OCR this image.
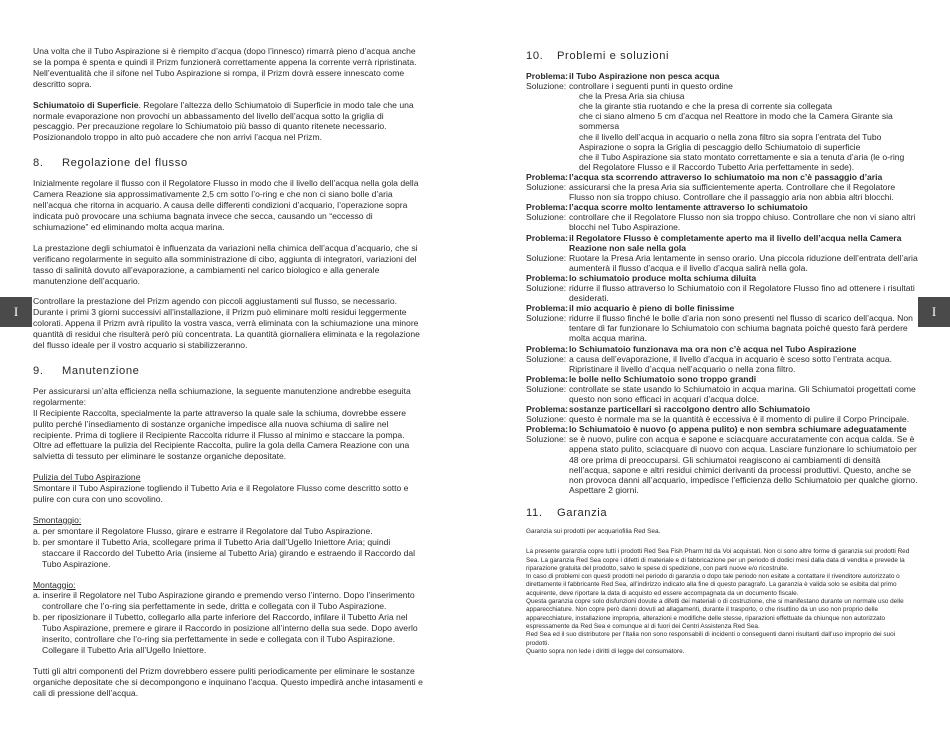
I	I

Una volta che il Tubo Aspirazione si è riempito d’acqua (dopo l’innesco) rimarrà pieno d’acqua anche se la pompa è spenta e quindi il Prizm funzionerà correttamente appena la corrente verrà ripristinata. Nell’eventualità che il sifone nel Tubo Aspirazione si rompa, il Prizm dovrà essere innescato come descritto sopra.

Schiumatoio di Superficie. Regolare l’altezza dello Schiumatoio di Superficie in modo tale che una normale evaporazione non provochi un abbassamento del livello dell’acqua sotto la griglia di pescaggio. Per precauzione regolare lo Schiumatoio più basso di quanto ritenete necessario. Posizionandolo troppo in alto può accadere che non arrivi l’acqua nel Prizm.

8. Regolazione del flusso

Inizialmente regolare il flusso con il Regolatore Flusso in modo che il livello dell’acqua nella gola della Camera Reazione sia approssimativamente 2,5 cm sotto l’o-ring e che non ci siano bolle d’aria nell’acqua che ritorna in acquario. A causa delle differenti condizioni d’acquario, l’operazione sopra indicata può provocare una schiuma bagnata invece che secca, causando un “eccesso di schiumazione” ed eliminando molta acqua marina.

La prestazione degli schiumatoi è influenzata da variazioni nella chimica dell’acqua d’acquario, che si verificano regolarmente in seguito alla somministrazione di cibo, aggiunta di integratori, variazioni del tasso di salinità dovuto all’evaporazione, a cambiamenti nel carico biologico e alla generale manutenzione dell’acquario.

Controllare la prestazione del Prizm agendo con piccoli aggiustamenti sul flusso, se necessario. Durante i primi 3 giorni successivi all’installazione, il Prizm può eliminare molti residui leggermente colorati. Appena il Prizm avrà ripulito la vostra vasca, verrà eliminata con la schiumazione una minore quantità di residui che risulterà però più concentrata. La quantità giornaliera eliminata e la regolazione del flusso ideale per il vostro acquario si stabilizzeranno.

9. Manutenzione

Per assicurarsi un’alta efficienza nella schiumazione, la seguente manutenzione andrebbe eseguita regolarmente:

Il Recipiente Raccolta, specialmente la parte attraverso la quale sale la schiuma, dovrebbe essere pulito perché l’insediamento di sostanze organiche impedisce alla nuova schiuma di salire nel recipiente. Prima di togliere il Recipiente Raccolta ridurre il Flusso al minimo e staccare la pompa. Oltre ad effettuare la pulizia del Recipiente Raccolta, pulire la gola della Camera Reazione con una salvietta di tessuto per eliminare le sostanze organiche depositate.

Pulizia del Tubo Aspirazione

Smontare il Tubo Aspirazione togliendo il Tubetto Aria e il Regolatore Flusso come descritto sotto e pulire con cura con uno scovolino.

Smontaggio:
a. per smontare il Regolatore Flusso, girare e estrarre il Regolatore dal Tubo Aspirazione.
b. per smontare il Tubetto Aria, scollegare prima il Tubetto Aria dall’Ugello Iniettore Aria; quindi staccare il Raccordo del Tubetto Aria (insieme al Tubetto Aria) girando e estraendo il Raccordo dal Tubo Aspirazione.
Montaggio:
a. inserire il Regolatore nel Tubo Aspirazione girando e premendo verso l’interno. Dopo l’inserimento controllare che l’o-ring sia perfettamente in sede, dritta e collegata con il Tubo Aspirazione.
b. per riposizionare il Tubetto, collegarlo alla parte inferiore del Raccordo, infilare il Tubetto Aria nel Tubo Aspirazione, premere e girare il Raccordo in posizione all’interno della sua sede. Dopo averlo inserito, controllare che l’o-ring sia perfettamente in sede e collegata con il Tubo Aspirazione. Collegare il Tubetto Aria all’Ugello Iniettore.

Tutti gli altri componenti del Prizm dovrebbero essere puliti periodicamente per eliminare le sostanze organiche depositate che si decompongono e inquinano l’acqua. Questo impedirà anche intasamenti e cali di pressione dell’acqua.

10. Problemi e soluzioni
Problema: il Tubo Aspirazione non pesca acqua
Soluzione: controllare i seguenti punti in questo ordine
che la Presa Aria sia chiusa
che la girante stia ruotando e che la presa di corrente sia collegata
che ci siano almeno 5 cm d’acqua nel Reattore in modo che la Camera Girante sia sommersa
che il livello dell’acqua in acquario o nella zona filtro sia sopra l’entrata del Tubo Aspirazione o sopra la Griglia di pescaggio dello Schiumatoio di superficie
che il Tubo Aspirazione sia stato montato correttamente e sia a tenuta d’aria (le o-ring del Regolatore Flusso e il Raccordo Tubetto Aria perfettamente in sede).
Problema: l’acqua sta scorrendo attraverso lo schiumatoio ma non c’è passaggio d’aria
Soluzione: assicurarsi che la presa Aria sia sufficientemente aperta. Controllare che il Regolatore Flusso non sia troppo chiuso. Controllare che il passaggio aria non abbia altri blocchi.
Problema: l’acqua scorre molto lentamente attraverso lo schiumatoio
Soluzione: controllare che il Regolatore Flusso non sia troppo chiuso. Controllare che non vi siano altri blocchi nel Tubo Aspirazione.
Problema: il Regolatore Flusso è completamente aperto ma il livello dell’acqua nella Camera Reazione non sale nella gola
Soluzione: Ruotare la Presa Aria lentamente in senso orario. Una piccola riduzione dell’entrata dell’aria aumenterà il flusso d’acqua e il livello d’acqua salirà nella gola.
Problema: lo schiumatoio produce molta schiuma diluita
Soluzione: ridurre il flusso attraverso lo Schiumatoio con il Regolatore Flusso fino ad ottenere i risultati desiderati.
Problema: il mio acquario è pieno di bolle finissime
Soluzione: ridurre il flusso finché le bolle d’aria non sono presenti nel flusso di scarico dell’acqua. Non tentare di far funzionare lo Schiumatoio con schiuma bagnata poiché questo farà perdere molta acqua marina.
Problema: lo Schiumatoio funzionava ma ora non c’è acqua nel Tubo Aspirazione
Soluzione: a causa dell’evaporazione, il livello d’acqua in acquario è sceso sotto l’entrata acqua. Ripristinare il livello d’acqua nell’acquario o nella zona filtro.
Problema: le bolle nello Schiumatoio sono troppo grandi
Soluzione: controllate se state usando lo Schiumatoio in acqua marina. Gli Schiumatoi progettati come questo non sono efficaci in acquari d’acqua dolce.
Problema: sostanze particellari si raccolgono dentro allo Schiumatoio
Soluzione: questo è normale ma se la quantità è eccessiva è il momento di pulire il Corpo Principale.
Problema: lo Schiumatoio è nuovo (o appena pulito) e non sembra schiumare adeguatamente
Soluzione: se è nuovo, pulire con acqua e sapone e sciacquare accuratamente con acqua calda. Se è appena stato pulito, sciacquare di nuovo con acqua. Lasciare funzionare lo schiumatoio per 48 ore prima di preoccuparsi. Gli schiumatoi reagiscono ai cambiamenti di densità nell’acqua, sapone e altri residui chimici derivanti da processi produttivi. Questo, anche se non provoca danni all’acquario, impedisce l’efficienza dello Schiumatoio per qualche giorno. Aspettare 2 giorni.
11. Garanzia

Garanzia sui prodotti per acquariofilia Red Sea.

La presente garanzia copre tutti i prodotti Red Sea Fish Pharm ltd da Voi acquistati. Non ci sono altre forme di garanzia sui prodotti Red Sea. La garanzia Red Sea copre i difetti di materiale e di fabbricazione per un periodo di dodici mesi dalla data di vendita e prevede la riparazione gratuita del prodotto, salvo le spese di spedizione, con parti nuove e/o ricostruite.

In caso di problemi con questi prodotti nel periodo di garanzia o dopo tale periodo non esitate a contattare il rivenditore autorizzato o direttamente il fabbricante Red Sea, all’indirizzo indicato alla fine di questo paragrafo. La garanzia è valida solo se esibita dal primo acquirente, deve riportare la data di acquisto ed essere accompagnata da un documento fiscale.

Questa garanzia copre solo disfunzioni dovute a difetti dei materiali o di costruzione, che si manifestano durante un normale uso delle apparecchiature. Non copre però danni dovuti ad allagamenti, durante il trasporto, o che risultino da un uso non proprio delle apparecchiature, installazione impropria, alterazioni e modifiche delle stesse, riparazioni effettuate da chiunque non autorizzato espressamente da Red Sea e comunque al di fuori dei Centri Assistenza Red Sea.

Red Sea ed il suo distributore per l’Italia non sono responsabili di incidenti o conseguenti danni risultanti dall’uso improprio dei suoi prodotti.

Quanto sopra non lede i diritti di legge del consumatore.
